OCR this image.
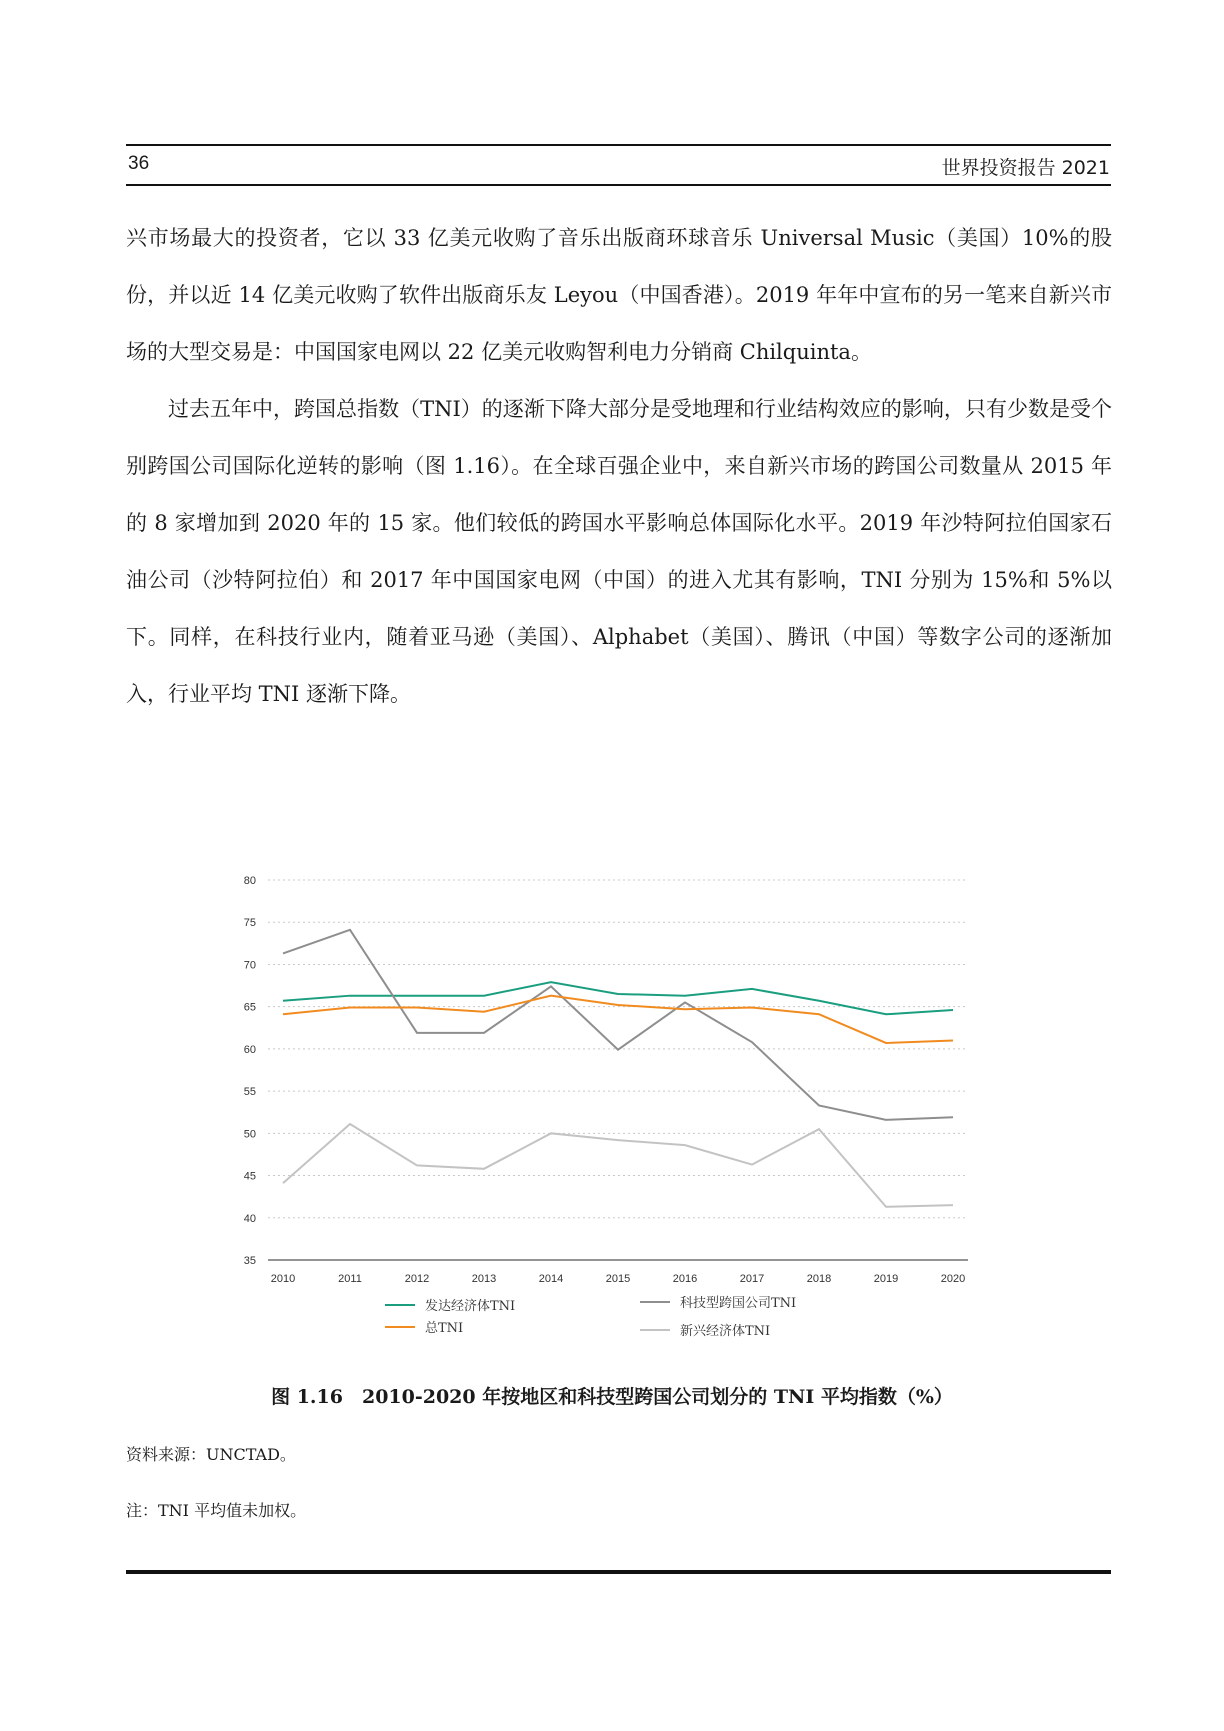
36	世界投资报告 2021

兴市场最大的投资者，它以 33 亿美元收购了音乐出版商环球音乐 Universal Music（美国）10%的股份，并以近 14 亿美元收购了软件出版商乐友 Leyou（中国香港）。2019 年年中宣布的另一笔来自新兴市场的大型交易是：中国国家电网以 22 亿美元收购智利电力分销商 Chilquinta。

过去五年中，跨国总指数（TNI）的逐渐下降大部分是受地理和行业结构效应的影响，只有少数是受个别跨国公司国际化逆转的影响（图 1.16）。在全球百强企业中，来自新兴市场的跨国公司数量从 2015 年的 8 家增加到 2020 年的 15 家。他们较低的跨国水平影响总体国际化水平。2019 年沙特阿拉伯国家石油公司（沙特阿拉伯）和 2017 年中国国家电网（中国）的进入尤其有影响，TNI 分别为 15%和 5%以下。同样，在科技行业内，随着亚马逊（美国）、Alphabet（美国）、腾讯（中国）等数字公司的逐渐加入，行业平均 TNI 逐渐下降。

35
40
45
50
55
60
65
70
75
80
2010	2011	2012	2013	2014	2015	2016	2017	2018	2019	2020
发达经济体TNI	科技型跨国公司TNI
总TNI	新兴经济体TNI
图 1.16　2010-2020 年按地区和科技型跨国公司划分的 TNI 平均指数（%）
资料来源：UNCTAD。
注：TNI 平均值未加权。
